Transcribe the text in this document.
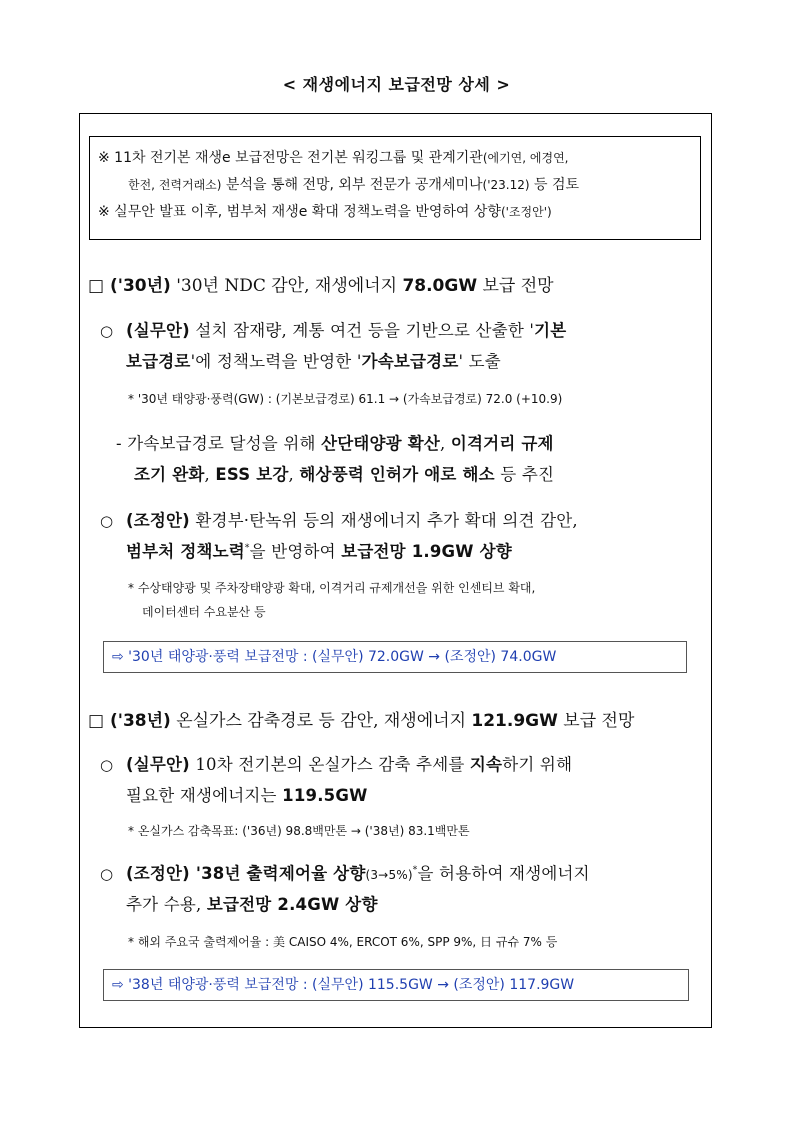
< 재생에너지 보급전망 상세 >
※ 11차 전기본 재생e 보급전망은 전기본 워킹그룹 및 관계기관(에기연, 에경연,
한전, 전력거래소) 분석을 통해 전망, 외부 전문가 공개세미나('23.12) 등 검토
※ 실무안 발표 이후, 범부처 재생e 확대 정책노력을 반영하여 상향('조정안')
□ ('30년) '30년 NDC 감안, 재생에너지 78.0GW 보급 전망
○ (실무안) 설치 잠재량, 계통 여건 등을 기반으로 산출한 '기본
보급경로'에 정책노력을 반영한 '가속보급경로' 도출
* '30년 태양광·풍력(GW) : (기본보급경로) 61.1 → (가속보급경로) 72.0 (+10.9)
- 가속보급경로 달성을 위해 산단태양광 확산, 이격거리 규제
조기 완화, ESS 보강, 해상풍력 인허가 애로 해소 등 추진
○ (조정안) 환경부·탄녹위 등의 재생에너지 추가 확대 의견 감안,
범부처 정책노력*을 반영하여 보급전망 1.9GW 상향
* 수상태양광 및 주차장태양광 확대, 이격거리 규제개선을 위한 인센티브 확대,
데이터센터 수요분산 등
⇨ '30년 태양광·풍력 보급전망 : (실무안) 72.0GW → (조정안) 74.0GW
□ ('38년) 온실가스 감축경로 등 감안, 재생에너지 121.9GW 보급 전망
○ (실무안) 10차 전기본의 온실가스 감축 추세를 지속하기 위해
필요한 재생에너지는 119.5GW
* 온실가스 감축목표: ('36년) 98.8백만톤 → ('38년) 83.1백만톤
○ (조정안) '38년 출력제어율 상향(3→5%)*을 허용하여 재생에너지
추가 수용, 보급전망 2.4GW 상향
* 해외 주요국 출력제어율 : 美 CAISO 4%, ERCOT 6%, SPP 9%, 日 규슈 7% 등
⇨ '38년 태양광·풍력 보급전망 : (실무안) 115.5GW → (조정안) 117.9GW
